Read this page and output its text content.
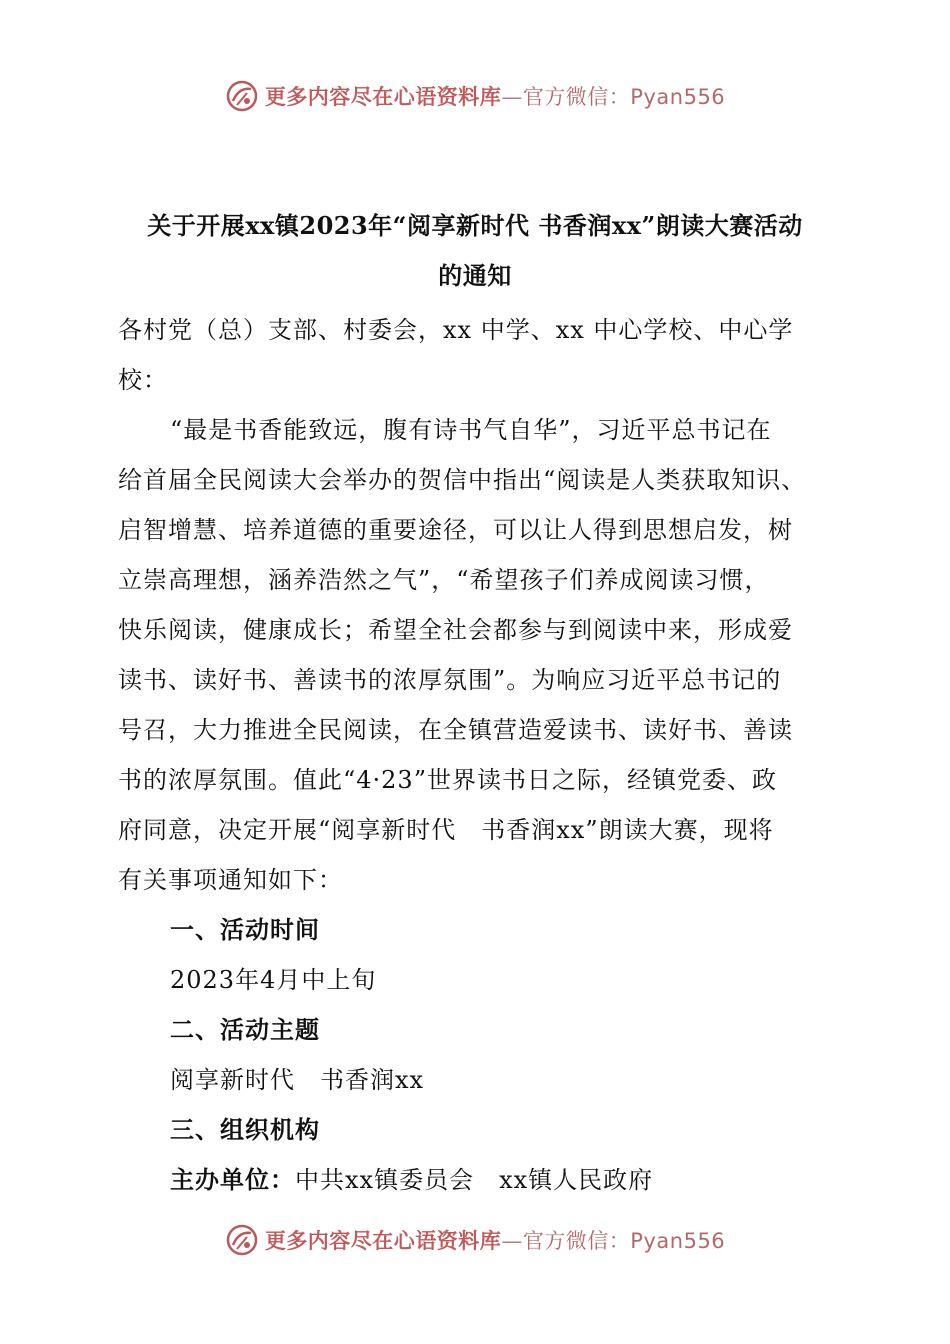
更多内容尽在心语资料库—官方微信：Pyan556
关于开展xx镇2023年“阅享新时代 书香润xx”朗读大赛活动
的通知
各村党（总）支部、村委会，xx 中学、xx 中心学校、中心学
校：
“最是书香能致远，腹有诗书气自华”，习近平总书记在
给首届全民阅读大会举办的贺信中指出“阅读是人类获取知识、
启智增慧、培养道德的重要途径，可以让人得到思想启发，树
立崇高理想，涵养浩然之气”，“希望孩子们养成阅读习惯，
快乐阅读，健康成长；希望全社会都参与到阅读中来，形成爱
读书、读好书、善读书的浓厚氛围”。为响应习近平总书记的
号召，大力推进全民阅读，在全镇营造爱读书、读好书、善读
书的浓厚氛围。值此“4·23”世界读书日之际，经镇党委、政
府同意，决定开展“阅享新时代　书香润xx”朗读大赛，现将
有关事项通知如下：
一、活动时间
2023年4月中上旬
二、活动主题
阅享新时代　书香润xx
三、组织机构
主办单位：中共xx镇委员会　xx镇人民政府
更多内容尽在心语资料库—官方微信：Pyan556
